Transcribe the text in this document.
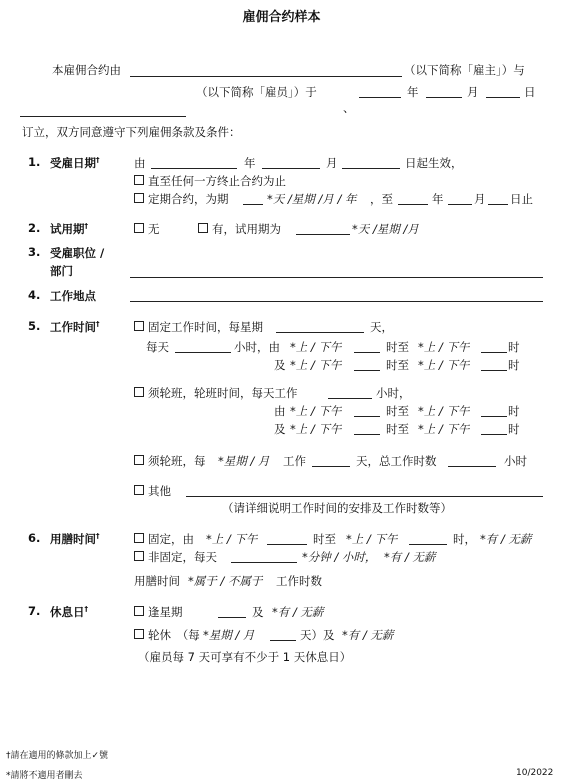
雇佣合约样本
本雇佣合约由	（以下简称「雇主」）与
（以下简称「雇员」）于	年	月	日
、
订立，双方同意遵守下列雇佣条款及条件：
1. 受雇日期†	由	年	月	日起生效，
直至任何一方终止合约为止
定期合约，为期	*天 /星期 /月 / 年 ，至	年	月 日止
2. 试用期†	无	有，试用期为	*天 /星期 /月
3. 受雇职位 /
部门
4. 工作地点
5. 工作时间†	固定工作时间，每星期	天，
每天	小时，由 *上 / 下午	时至 *上 / 下午	时
及 *上 / 下午	时至 *上 / 下午	时
须轮班，轮班时间，每天工作	小时，
由 *上 / 下午	时至 *上 / 下午	时
及 *上 / 下午	时至 *上 / 下午	时
须轮班，每 *星期 / 月 工作	天，总工作时数	小时
其他
（请详细说明工作时间的安排及工作时数等）
6. 用膳时间†	固定，由 *上 / 下午	时至 *上 / 下午	时， *有 / 无薪
非固定，每天	*分钟 / 小时， *有 / 无薪
用膳时间 *属于 / 不属于 工作时数
7. 休息日†	逢星期	及 *有 / 无薪
轮休　（每 *星期 / 月	天）及 *有 / 无薪
（雇员每 7 天可享有不少于 1 天休息日）
†請在適用的條款加上✓號
*請將不適用者刪去	10/2022
